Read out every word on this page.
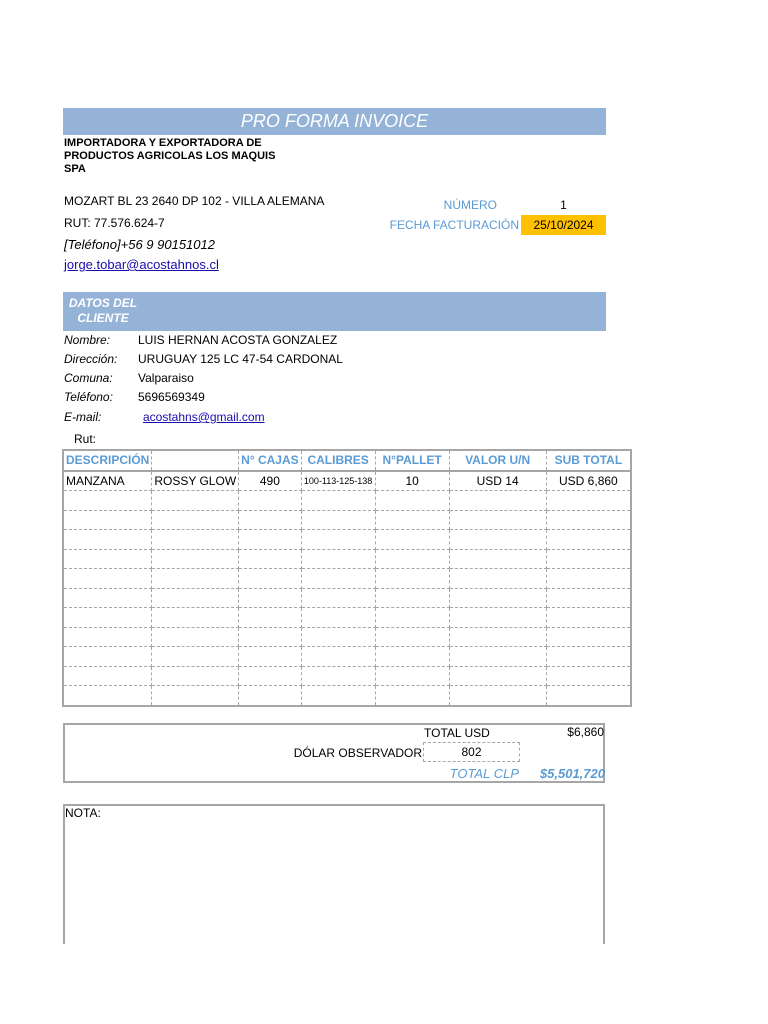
PRO FORMA INVOICE
IMPORTADORA Y EXPORTADORA DE PRODUCTOS AGRICOLAS LOS MAQUIS SPA
MOZART BL 23 2640 DP 102 - VILLA ALEMANA
RUT: 77.576.624-7
[Teléfono]+56 9 90151012
jorge.tobar@acostahnos.cl
NÚMERO	1
FECHA FACTURACIÓN	25/10/2024
DATOS DEL CLIENTE
Nombre: LUIS HERNAN ACOSTA GONZALEZ
Dirección: URUGUAY 125 LC 47-54 CARDONAL
Comuna: Valparaiso
Teléfono: 5696569349
E-mail:	acostahns@gmail.com
Rut:
DESCRIPCIÓN		N° CAJAS	CALIBRES	N°PALLET	VALOR U/N	SUB TOTAL
MANZANA	ROSSY GLOW	490	100-113-125-138	10	USD 14	USD 6,860

TOTAL USD	$6,860
DÓLAR OBSERVADOR	802
TOTAL CLP	$5,501,720
NOTA:
